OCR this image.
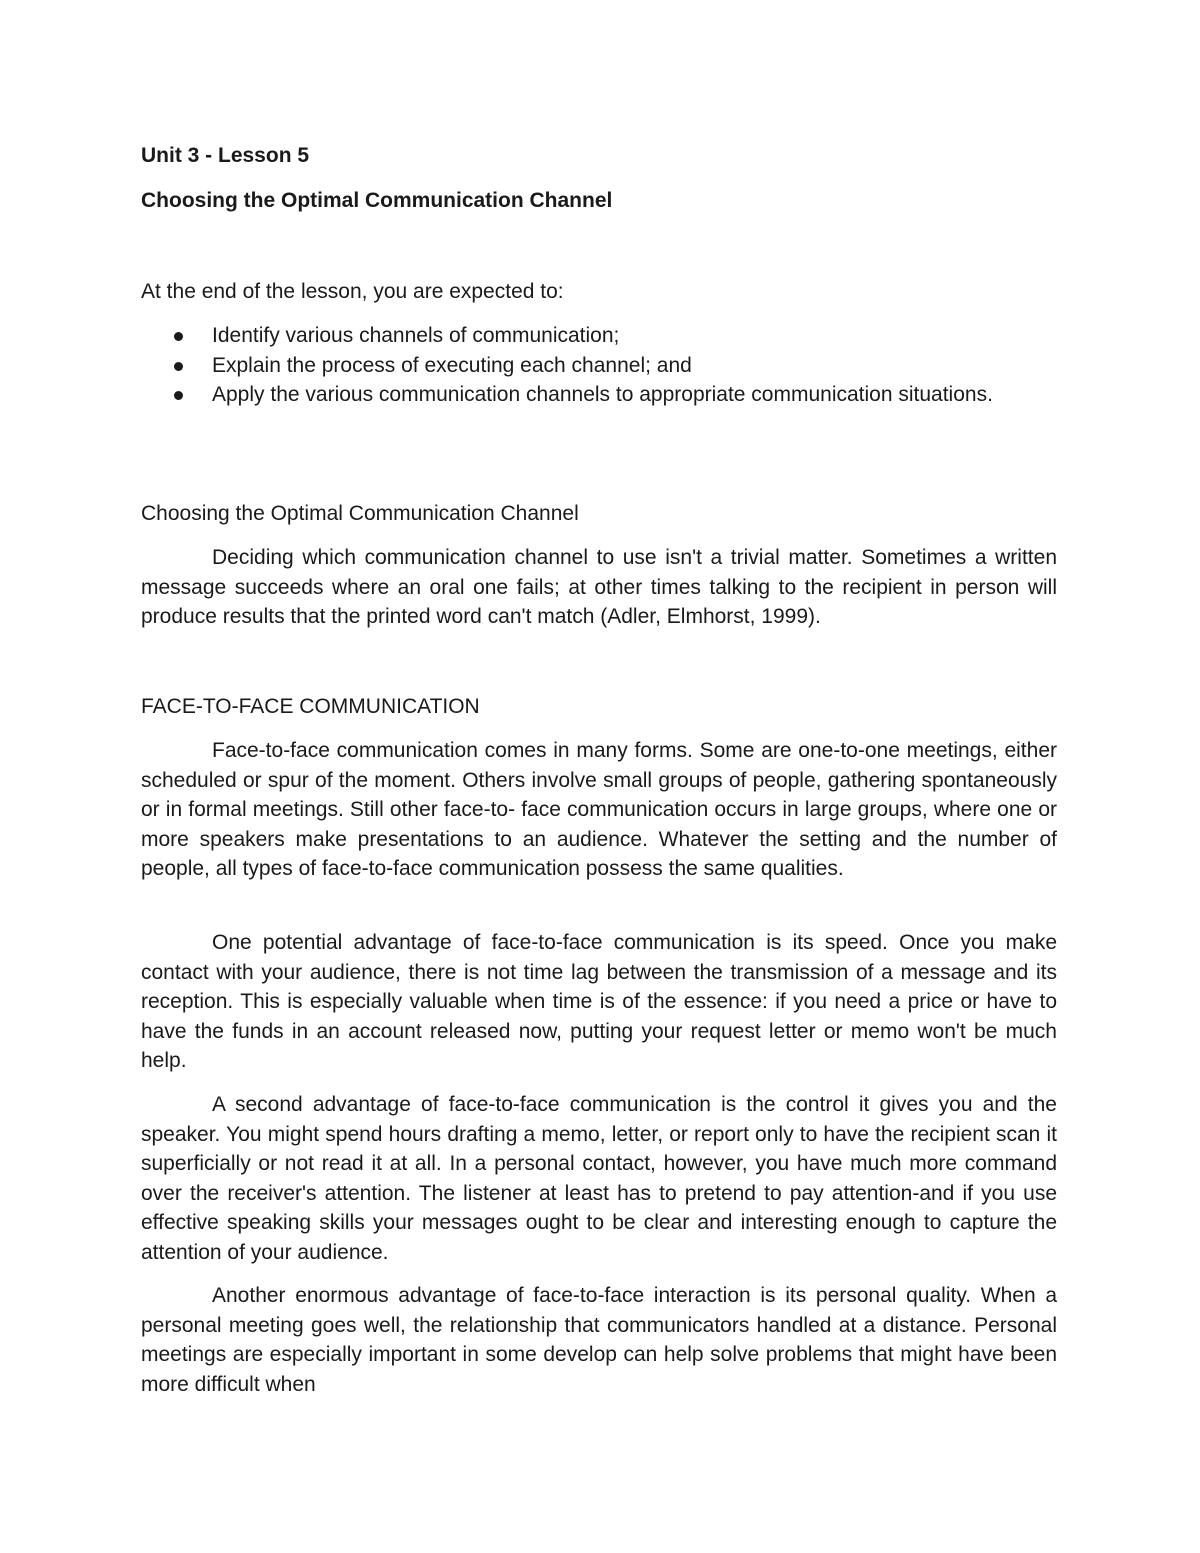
Unit 3 - Lesson 5
Choosing the Optimal Communication Channel

At the end of the lesson, you are expected to:

Identify various channels of communication;
Explain the process of executing each channel; and
Apply the various communication channels to appropriate communication situations.

Choosing the Optimal Communication Channel

Deciding which communication channel to use isn't a trivial matter. Sometimes a written message succeeds where an oral one fails; at other times talking to the recipient in person will produce results that the printed word can't match (Adler, Elmhorst, 1999).

FACE-TO-FACE COMMUNICATION

Face-to-face communication comes in many forms. Some are one-to-one meetings, either scheduled or spur of the moment. Others involve small groups of people, gathering spontaneously or in formal meetings. Still other face-to- face communication occurs in large groups, where one or more speakers make presentations to an audience. Whatever the setting and the number of people, all types of face-to-face communication possess the same qualities.

One potential advantage of face-to-face communication is its speed. Once you make contact with your audience, there is not time lag between the transmission of a message and its reception. This is especially valuable when time is of the essence: if you need a price or have to have the funds in an account released now, putting your request letter or memo won't be much help.

A second advantage of face-to-face communication is the control it gives you and the speaker. You might spend hours drafting a memo, letter, or report only to have the recipient scan it superficially or not read it at all. In a personal contact, however, you have much more command over the receiver's attention. The listener at least has to pretend to pay attention-and if you use effective speaking skills your messages ought to be clear and interesting enough to capture the attention of your audience.

Another enormous advantage of face-to-face interaction is its personal quality. When a personal meeting goes well, the relationship that communicators handled at a distance. Personal meetings are especially important in some develop can help solve problems that might have been more difficult when
